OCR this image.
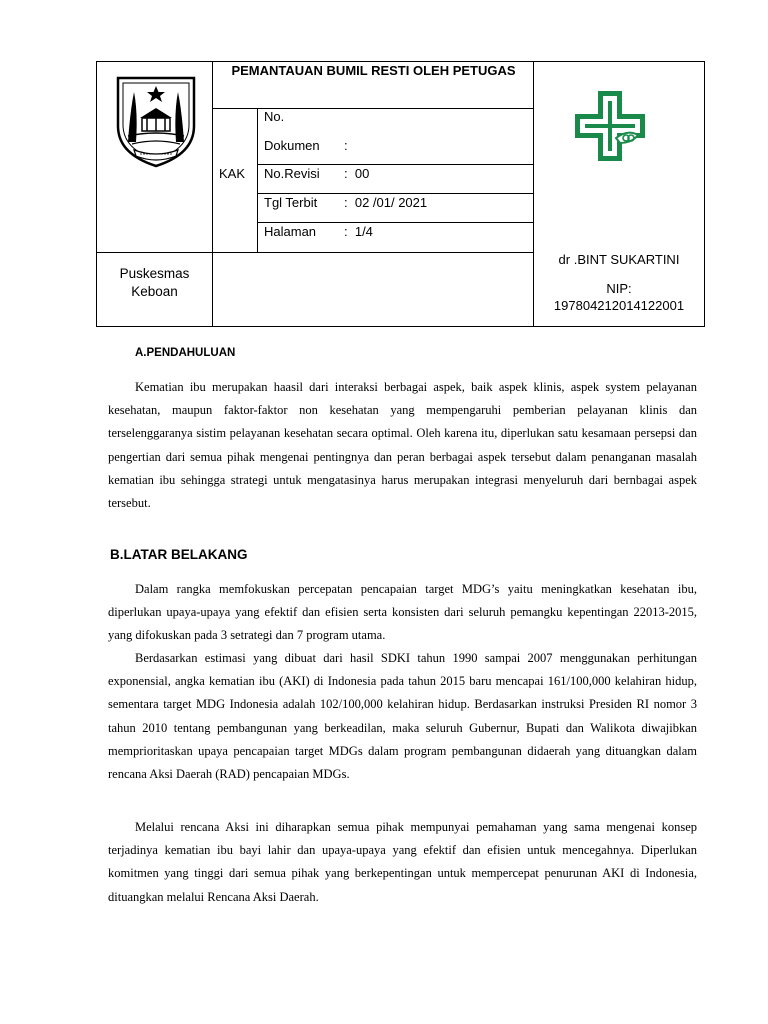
PEMANTAUAN BUMIL RESTI OLEH PETUGAS
KAK
No.
Dokumen :
No.Revisi :  00
Tgl Terbit :  02 /01/ 2021
Halaman :  1/4
Puskesmas
Keboan
dr .BINT SUKARTINI
NIP:
197804212014122001
A.PENDAHULUAN

Kematian ibu merupakan haasil dari interaksi berbagai aspek, baik aspek klinis, aspek system pelayanan kesehatan, maupun faktor-faktor non kesehatan yang mempengaruhi pemberian pelayanan klinis dan terselenggaranya sistim pelayanan kesehatan secara optimal. Oleh karena itu, diperlukan satu kesamaan persepsi dan pengertian dari semua pihak mengenai pentingnya dan peran berbagai aspek tersebut dalam penanganan masalah kematian ibu sehingga strategi untuk mengatasinya harus merupakan integrasi menyeluruh dari bernbagai aspek tersebut.

B.LATAR BELAKANG

Dalam rangka memfokuskan percepatan pencapaian target MDG’s yaitu meningkatkan kesehatan ibu, diperlukan upaya-upaya yang efektif dan efisien serta konsisten dari seluruh pemangku kepentingan 22013-2015, yang difokuskan pada 3 setrategi dan 7 program utama.

Berdasarkan estimasi yang dibuat dari hasil SDKI tahun 1990 sampai 2007 menggunakan perhitungan exponensial, angka kematian ibu (AKI) di Indonesia pada tahun 2015 baru mencapai 161/100,000 kelahiran hidup, sementara target MDG Indonesia adalah 102/100,000 kelahiran hidup. Berdasarkan instruksi Presiden RI nomor 3 tahun 2010 tentang pembangunan yang berkeadilan, maka seluruh Gubernur, Bupati dan Walikota diwajibkan memprioritaskan upaya pencapaian target MDGs dalam program pembangunan didaerah yang dituangkan dalam rencana Aksi Daerah (RAD) pencapaian MDGs.

Melalui rencana Aksi ini diharapkan semua pihak mempunyai pemahaman yang sama mengenai konsep terjadinya kematian ibu bayi lahir dan upaya-upaya yang efektif dan efisien untuk mencegahnya. Diperlukan komitmen yang tinggi dari semua pihak yang berkepentingan untuk mempercepat penurunan AKI di Indonesia, dituangkan melalui Rencana Aksi Daerah.
